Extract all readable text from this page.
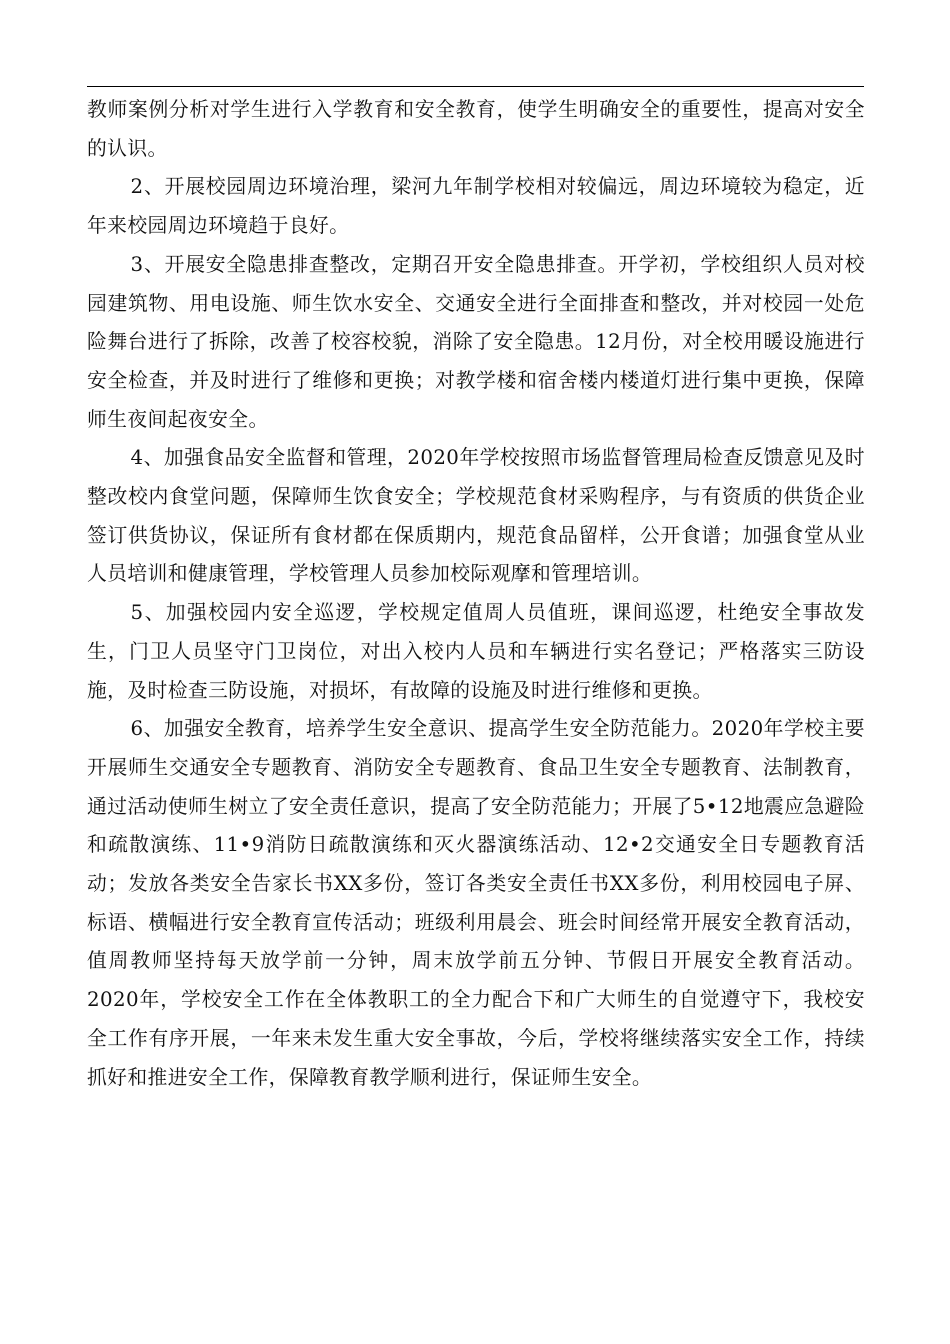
教师案例分析对学生进行入学教育和安全教育，使学生明确安全的重要性，提高对安全的认识。

2、开展校园周边环境治理，梁河九年制学校相对较偏远，周边环境较为稳定，近年来校园周边环境趋于良好。

3、开展安全隐患排查整改，定期召开安全隐患排查。开学初，学校组织人员对校园建筑物、用电设施、师生饮水安全、交通安全进行全面排查和整改，并对校园一处危险舞台进行了拆除，改善了校容校貌，消除了安全隐患。12月份，对全校用暖设施进行安全检查，并及时进行了维修和更换；对教学楼和宿舍楼内楼道灯进行集中更换，保障师生夜间起夜安全。

4、加强食品安全监督和管理，2020年学校按照市场监督管理局检查反馈意见及时整改校内食堂问题，保障师生饮食安全；学校规范食材采购程序，与有资质的供货企业签订供货协议，保证所有食材都在保质期内，规范食品留样，公开食谱；加强食堂从业人员培训和健康管理，学校管理人员参加校际观摩和管理培训。

5、加强校园内安全巡逻，学校规定值周人员值班，课间巡逻，杜绝安全事故发生，门卫人员坚守门卫岗位，对出入校内人员和车辆进行实名登记；严格落实三防设施，及时检查三防设施，对损坏，有故障的设施及时进行维修和更换。

6、加强安全教育，培养学生安全意识、提高学生安全防范能力。2020年学校主要开展师生交通安全专题教育、消防安全专题教育、食品卫生安全专题教育、法制教育，通过活动使师生树立了安全责任意识，提高了安全防范能力；开展了5•12地震应急避险和疏散演练、11•9消防日疏散演练和灭火器演练活动、12•2交通安全日专题教育活动；发放各类安全告家长书XX多份，签订各类安全责任书XX多份，利用校园电子屏、标语、横幅进行安全教育宣传活动；班级利用晨会、班会时间经常开展安全教育活动，值周教师坚持每天放学前一分钟，周末放学前五分钟、节假日开展安全教育活动。2020年，学校安全工作在全体教职工的全力配合下和广大师生的自觉遵守下，我校安全工作有序开展，一年来未发生重大安全事故，今后，学校将继续落实安全工作，持续抓好和推进安全工作，保障教育教学顺利进行，保证师生安全。
